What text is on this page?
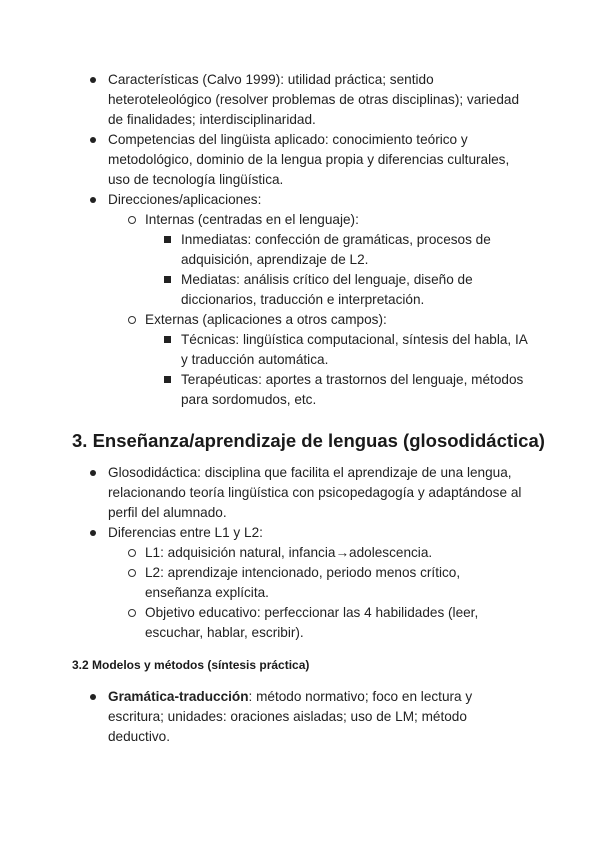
Características (Calvo 1999): utilidad práctica; sentido heteroteleológico (resolver problemas de otras disciplinas); variedad de finalidades; interdisciplinaridad.
Competencias del lingüista aplicado: conocimiento teórico y metodológico, dominio de la lengua propia y diferencias culturales, uso de tecnología lingüística.
Direcciones/aplicaciones:
Internas (centradas en el lenguaje):
Inmediatas: confección de gramáticas, procesos de adquisición, aprendizaje de L2.
Mediatas: análisis crítico del lenguaje, diseño de diccionarios, traducción e interpretación.
Externas (aplicaciones a otros campos):
Técnicas: lingüística computacional, síntesis del habla, IA y traducción automática.
Terapéuticas: aportes a trastornos del lenguaje, métodos para sordomudos, etc.
3. Enseñanza/aprendizaje de lenguas (glosodidáctica)
Glosodidáctica: disciplina que facilita el aprendizaje de una lengua, relacionando teoría lingüística con psicopedagogía y adaptándose al perfil del alumnado.
Diferencias entre L1 y L2:
L1: adquisición natural, infancia→adolescencia.
L2: aprendizaje intencionado, periodo menos crítico, enseñanza explícita.
Objetivo educativo: perfeccionar las 4 habilidades (leer, escuchar, hablar, escribir).
3.2 Modelos y métodos (síntesis práctica)
Gramática-traducción: método normativo; foco en lectura y escritura; unidades: oraciones aisladas; uso de LM; método deductivo.
